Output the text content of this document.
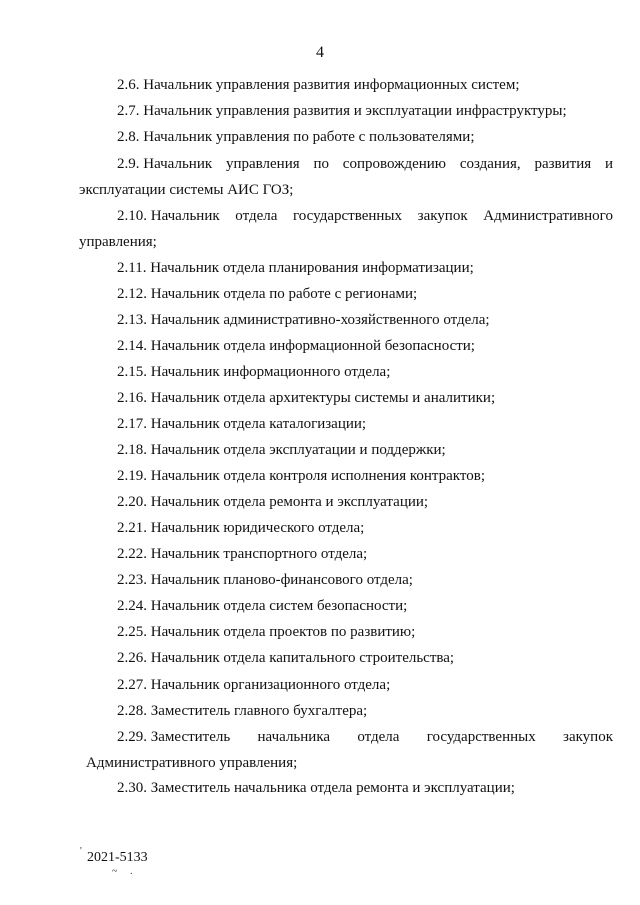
4
2.6. Начальник управления развития информационных систем;
2.7. Начальник управления развития и эксплуатации инфраструктуры;
2.8. Начальник управления по работе с пользователями;
2.9. Начальник управления по сопровождению создания, развития и
эксплуатации системы АИС ГОЗ;
2.10. Начальник отдела государственных закупок Административного
управления;
2.11. Начальник отдела планирования информатизации;
2.12. Начальник отдела по работе с регионами;
2.13. Начальник административно-хозяйственного отдела;
2.14. Начальник отдела информационной безопасности;
2.15. Начальник информационного отдела;
2.16. Начальник отдела архитектуры системы и аналитики;
2.17. Начальник отдела каталогизации;
2.18. Начальник отдела эксплуатации и поддержки;
2.19. Начальник отдела контроля исполнения контрактов;
2.20. Начальник отдела ремонта и эксплуатации;
2.21. Начальник юридического отдела;
2.22. Начальник транспортного отдела;
2.23. Начальник планово-финансового отдела;
2.24. Начальник отдела систем безопасности;
2.25. Начальник отдела проектов по развитию;
2.26. Начальник отдела капитального строительства;
2.27. Начальник организационного отдела;
2.28. Заместитель главного бухгалтера;
2.29. Заместитель начальника отдела государственных закупок
Административного управления;
2.30. Заместитель начальника отдела ремонта и эксплуатации;
2021-5133
'
~ .
